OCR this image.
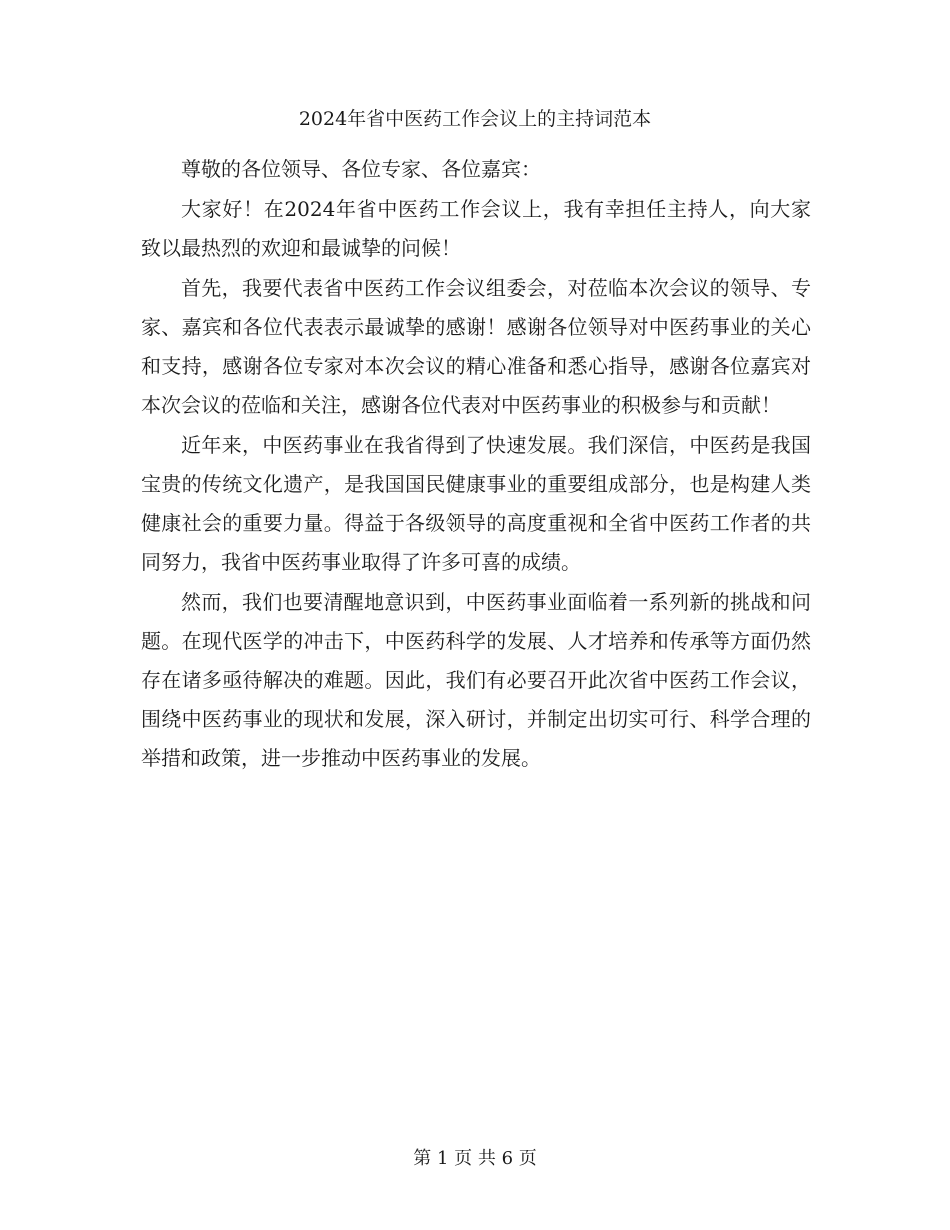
2024年省中医药工作会议上的主持词范本

尊敬的各位领导、各位专家、各位嘉宾：

大家好！在2024年省中医药工作会议上，我有幸担任主持人，向大家致以最热烈的欢迎和最诚挚的问候！

首先，我要代表省中医药工作会议组委会，对莅临本次会议的领导、专家、嘉宾和各位代表表示最诚挚的感谢！感谢各位领导对中医药事业的关心和支持，感谢各位专家对本次会议的精心准备和悉心指导，感谢各位嘉宾对本次会议的莅临和关注，感谢各位代表对中医药事业的积极参与和贡献！

近年来，中医药事业在我省得到了快速发展。我们深信，中医药是我国宝贵的传统文化遗产，是我国国民健康事业的重要组成部分，也是构建人类健康社会的重要力量。得益于各级领导的高度重视和全省中医药工作者的共同努力，我省中医药事业取得了许多可喜的成绩。

然而，我们也要清醒地意识到，中医药事业面临着一系列新的挑战和问题。在现代医学的冲击下，中医药科学的发展、人才培养和传承等方面仍然存在诸多亟待解决的难题。因此，我们有必要召开此次省中医药工作会议，围绕中医药事业的现状和发展，深入研讨，并制定出切实可行、科学合理的举措和政策，进一步推动中医药事业的发展。

第 1 页 共 6 页
